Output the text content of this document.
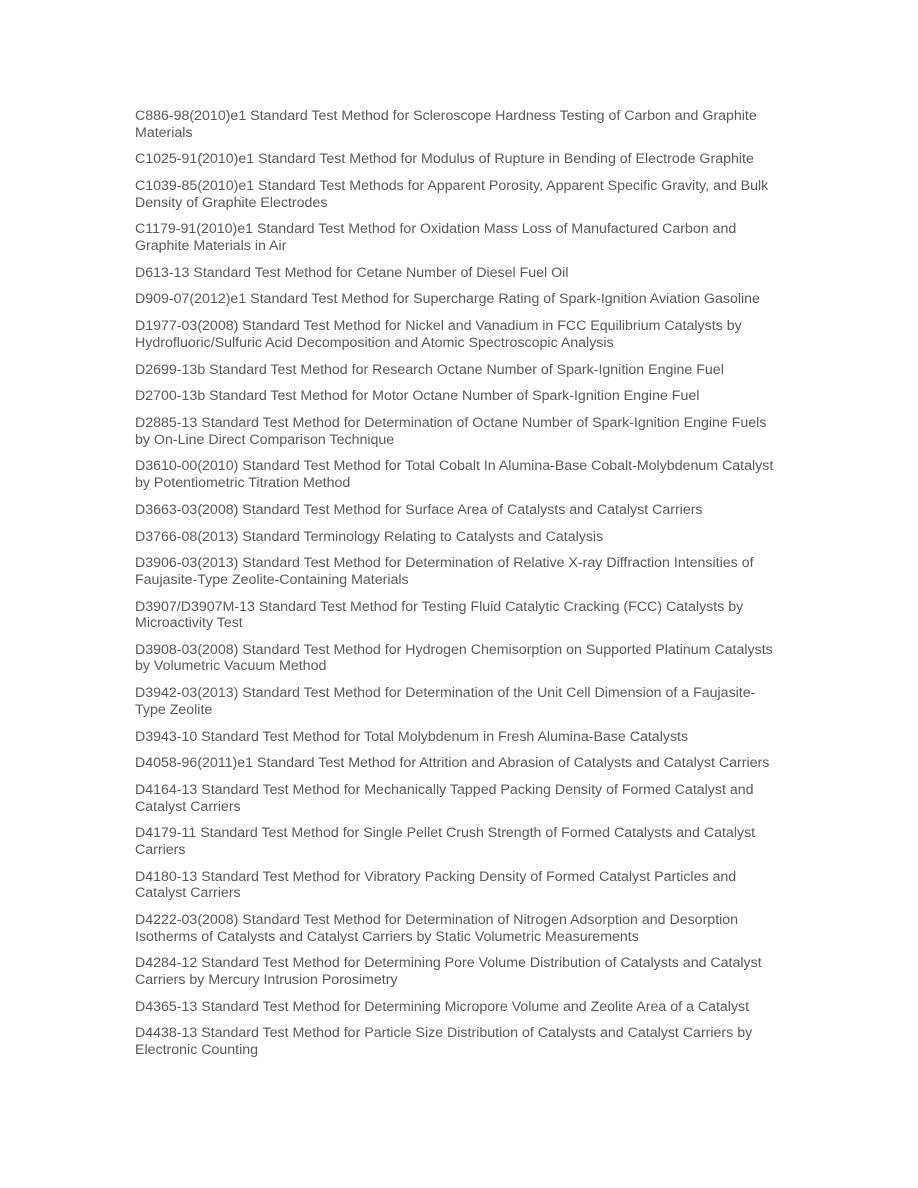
C886-98(2010)e1 Standard Test Method for Scleroscope Hardness Testing of Carbon and Graphite Materials

C1025-91(2010)e1 Standard Test Method for Modulus of Rupture in Bending of Electrode Graphite

C1039-85(2010)e1 Standard Test Methods for Apparent Porosity, Apparent Specific Gravity, and Bulk Density of Graphite Electrodes

C1179-91(2010)e1 Standard Test Method for Oxidation Mass Loss of Manufactured Carbon and Graphite Materials in Air

D613-13 Standard Test Method for Cetane Number of Diesel Fuel Oil

D909-07(2012)e1 Standard Test Method for Supercharge Rating of Spark-Ignition Aviation Gasoline

D1977-03(2008) Standard Test Method for Nickel and Vanadium in FCC Equilibrium Catalysts by Hydrofluoric/Sulfuric Acid Decomposition and Atomic Spectroscopic Analysis

D2699-13b Standard Test Method for Research Octane Number of Spark-Ignition Engine Fuel

D2700-13b Standard Test Method for Motor Octane Number of Spark-Ignition Engine Fuel

D2885-13 Standard Test Method for Determination of Octane Number of Spark-Ignition Engine Fuels by On-Line Direct Comparison Technique

D3610-00(2010) Standard Test Method for Total Cobalt In Alumina-Base Cobalt-Molybdenum Catalyst by Potentiometric Titration Method

D3663-03(2008) Standard Test Method for Surface Area of Catalysts and Catalyst Carriers

D3766-08(2013) Standard Terminology Relating to Catalysts and Catalysis

D3906-03(2013) Standard Test Method for Determination of Relative X-ray Diffraction Intensities of Faujasite-Type Zeolite-Containing Materials

D3907/D3907M-13 Standard Test Method for Testing Fluid Catalytic Cracking (FCC) Catalysts by Microactivity Test

D3908-03(2008) Standard Test Method for Hydrogen Chemisorption on Supported Platinum Catalysts by Volumetric Vacuum Method

D3942-03(2013) Standard Test Method for Determination of the Unit Cell Dimension of a Faujasite-Type Zeolite

D3943-10 Standard Test Method for Total Molybdenum in Fresh Alumina-Base Catalysts

D4058-96(2011)e1 Standard Test Method for Attrition and Abrasion of Catalysts and Catalyst Carriers

D4164-13 Standard Test Method for Mechanically Tapped Packing Density of Formed Catalyst and Catalyst Carriers

D4179-11 Standard Test Method for Single Pellet Crush Strength of Formed Catalysts and Catalyst Carriers

D4180-13 Standard Test Method for Vibratory Packing Density of Formed Catalyst Particles and Catalyst Carriers

D4222-03(2008) Standard Test Method for Determination of Nitrogen Adsorption and Desorption Isotherms of Catalysts and Catalyst Carriers by Static Volumetric Measurements

D4284-12 Standard Test Method for Determining Pore Volume Distribution of Catalysts and Catalyst Carriers by Mercury Intrusion Porosimetry

D4365-13 Standard Test Method for Determining Micropore Volume and Zeolite Area of a Catalyst

D4438-13 Standard Test Method for Particle Size Distribution of Catalysts and Catalyst Carriers by Electronic Counting
